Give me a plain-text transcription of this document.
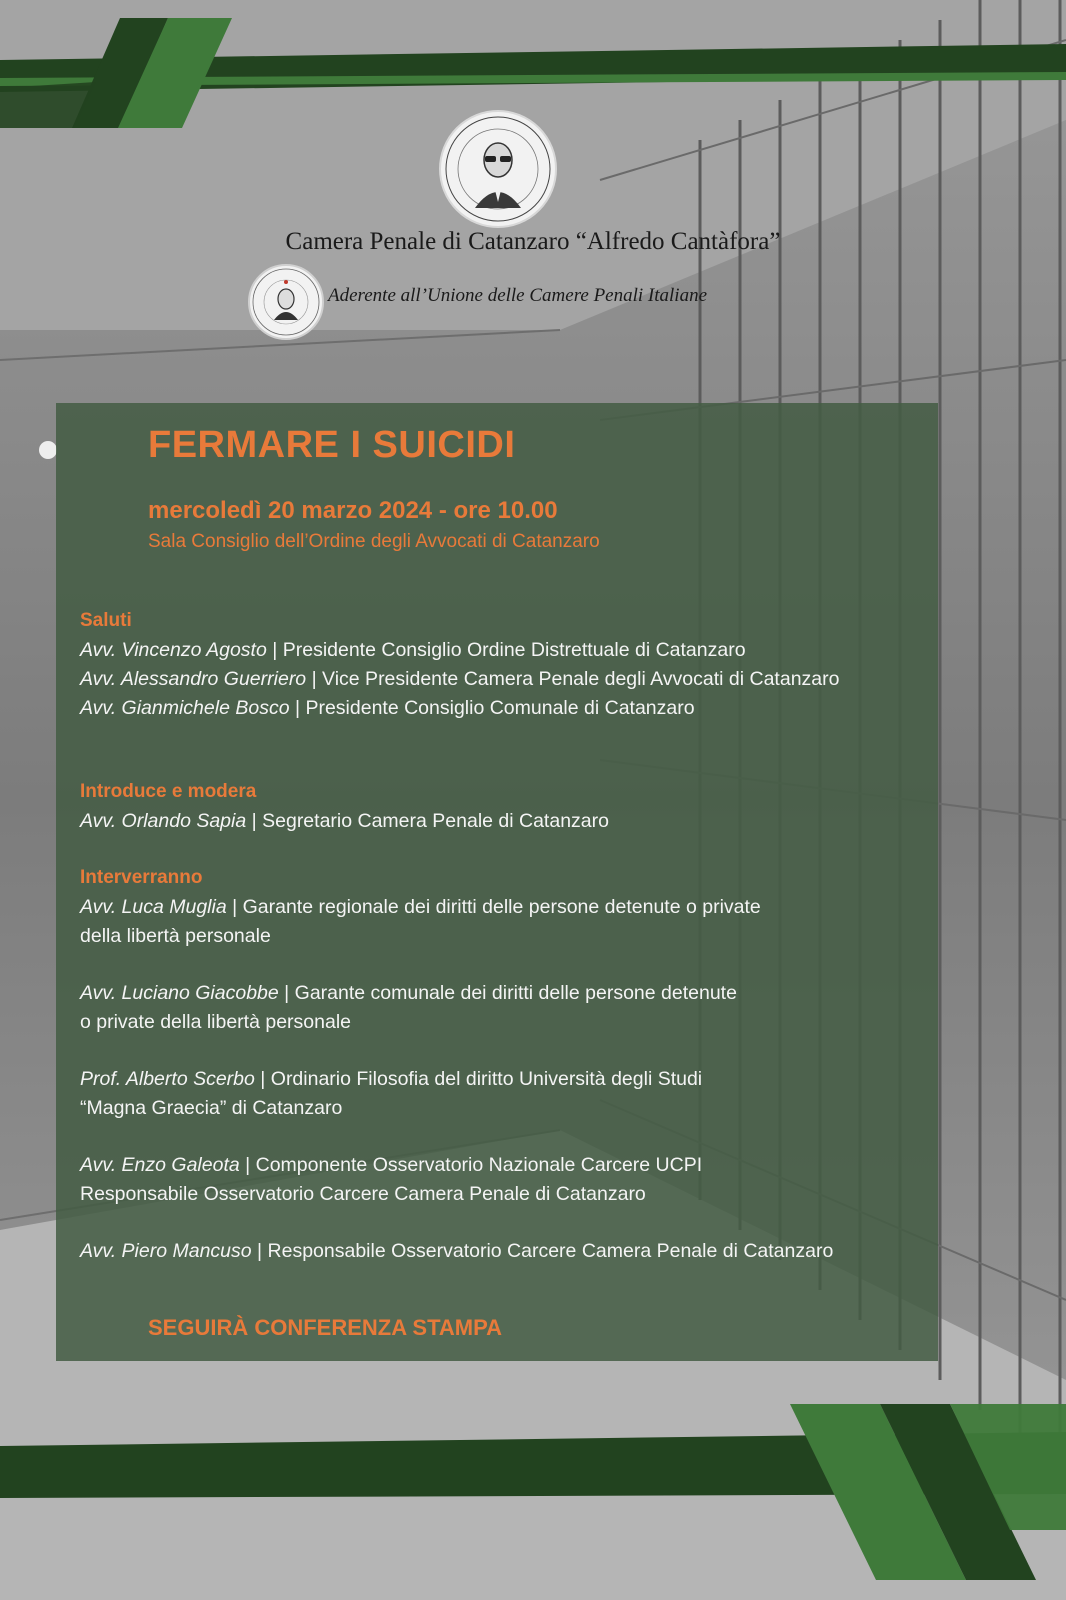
Camera Penale di Catanzaro “Alfredo Cantàfora”
Aderente all’Unione delle Camere Penali Italiane
FERMARE I SUICIDI
mercoledì 20 marzo 2024 - ore 10.00
Sala Consiglio dell’Ordine degli Avvocati di Catanzaro
Saluti
Avv. Vincenzo Agosto | Presidente Consiglio Ordine Distrettuale di Catanzaro
Avv. Alessandro Guerriero | Vice Presidente Camera Penale degli Avvocati di Catanzaro
Avv. Gianmichele Bosco | Presidente Consiglio Comunale di Catanzaro
Introduce e modera
Avv. Orlando Sapia | Segretario Camera Penale di Catanzaro
Interverranno
Avv. Luca Muglia | Garante regionale dei diritti delle persone detenute o private
della libertà personale
Avv. Luciano Giacobbe | Garante comunale dei diritti delle persone detenute
o private della libertà personale
Prof. Alberto Scerbo | Ordinario Filosofia del diritto Università degli Studi
“Magna Graecia” di Catanzaro
Avv. Enzo Galeota | Componente Osservatorio Nazionale Carcere UCPI
Responsabile Osservatorio Carcere Camera Penale di Catanzaro
Avv. Piero Mancuso | Responsabile Osservatorio Carcere Camera Penale di Catanzaro
SEGUIRÀ CONFERENZA STAMPA
